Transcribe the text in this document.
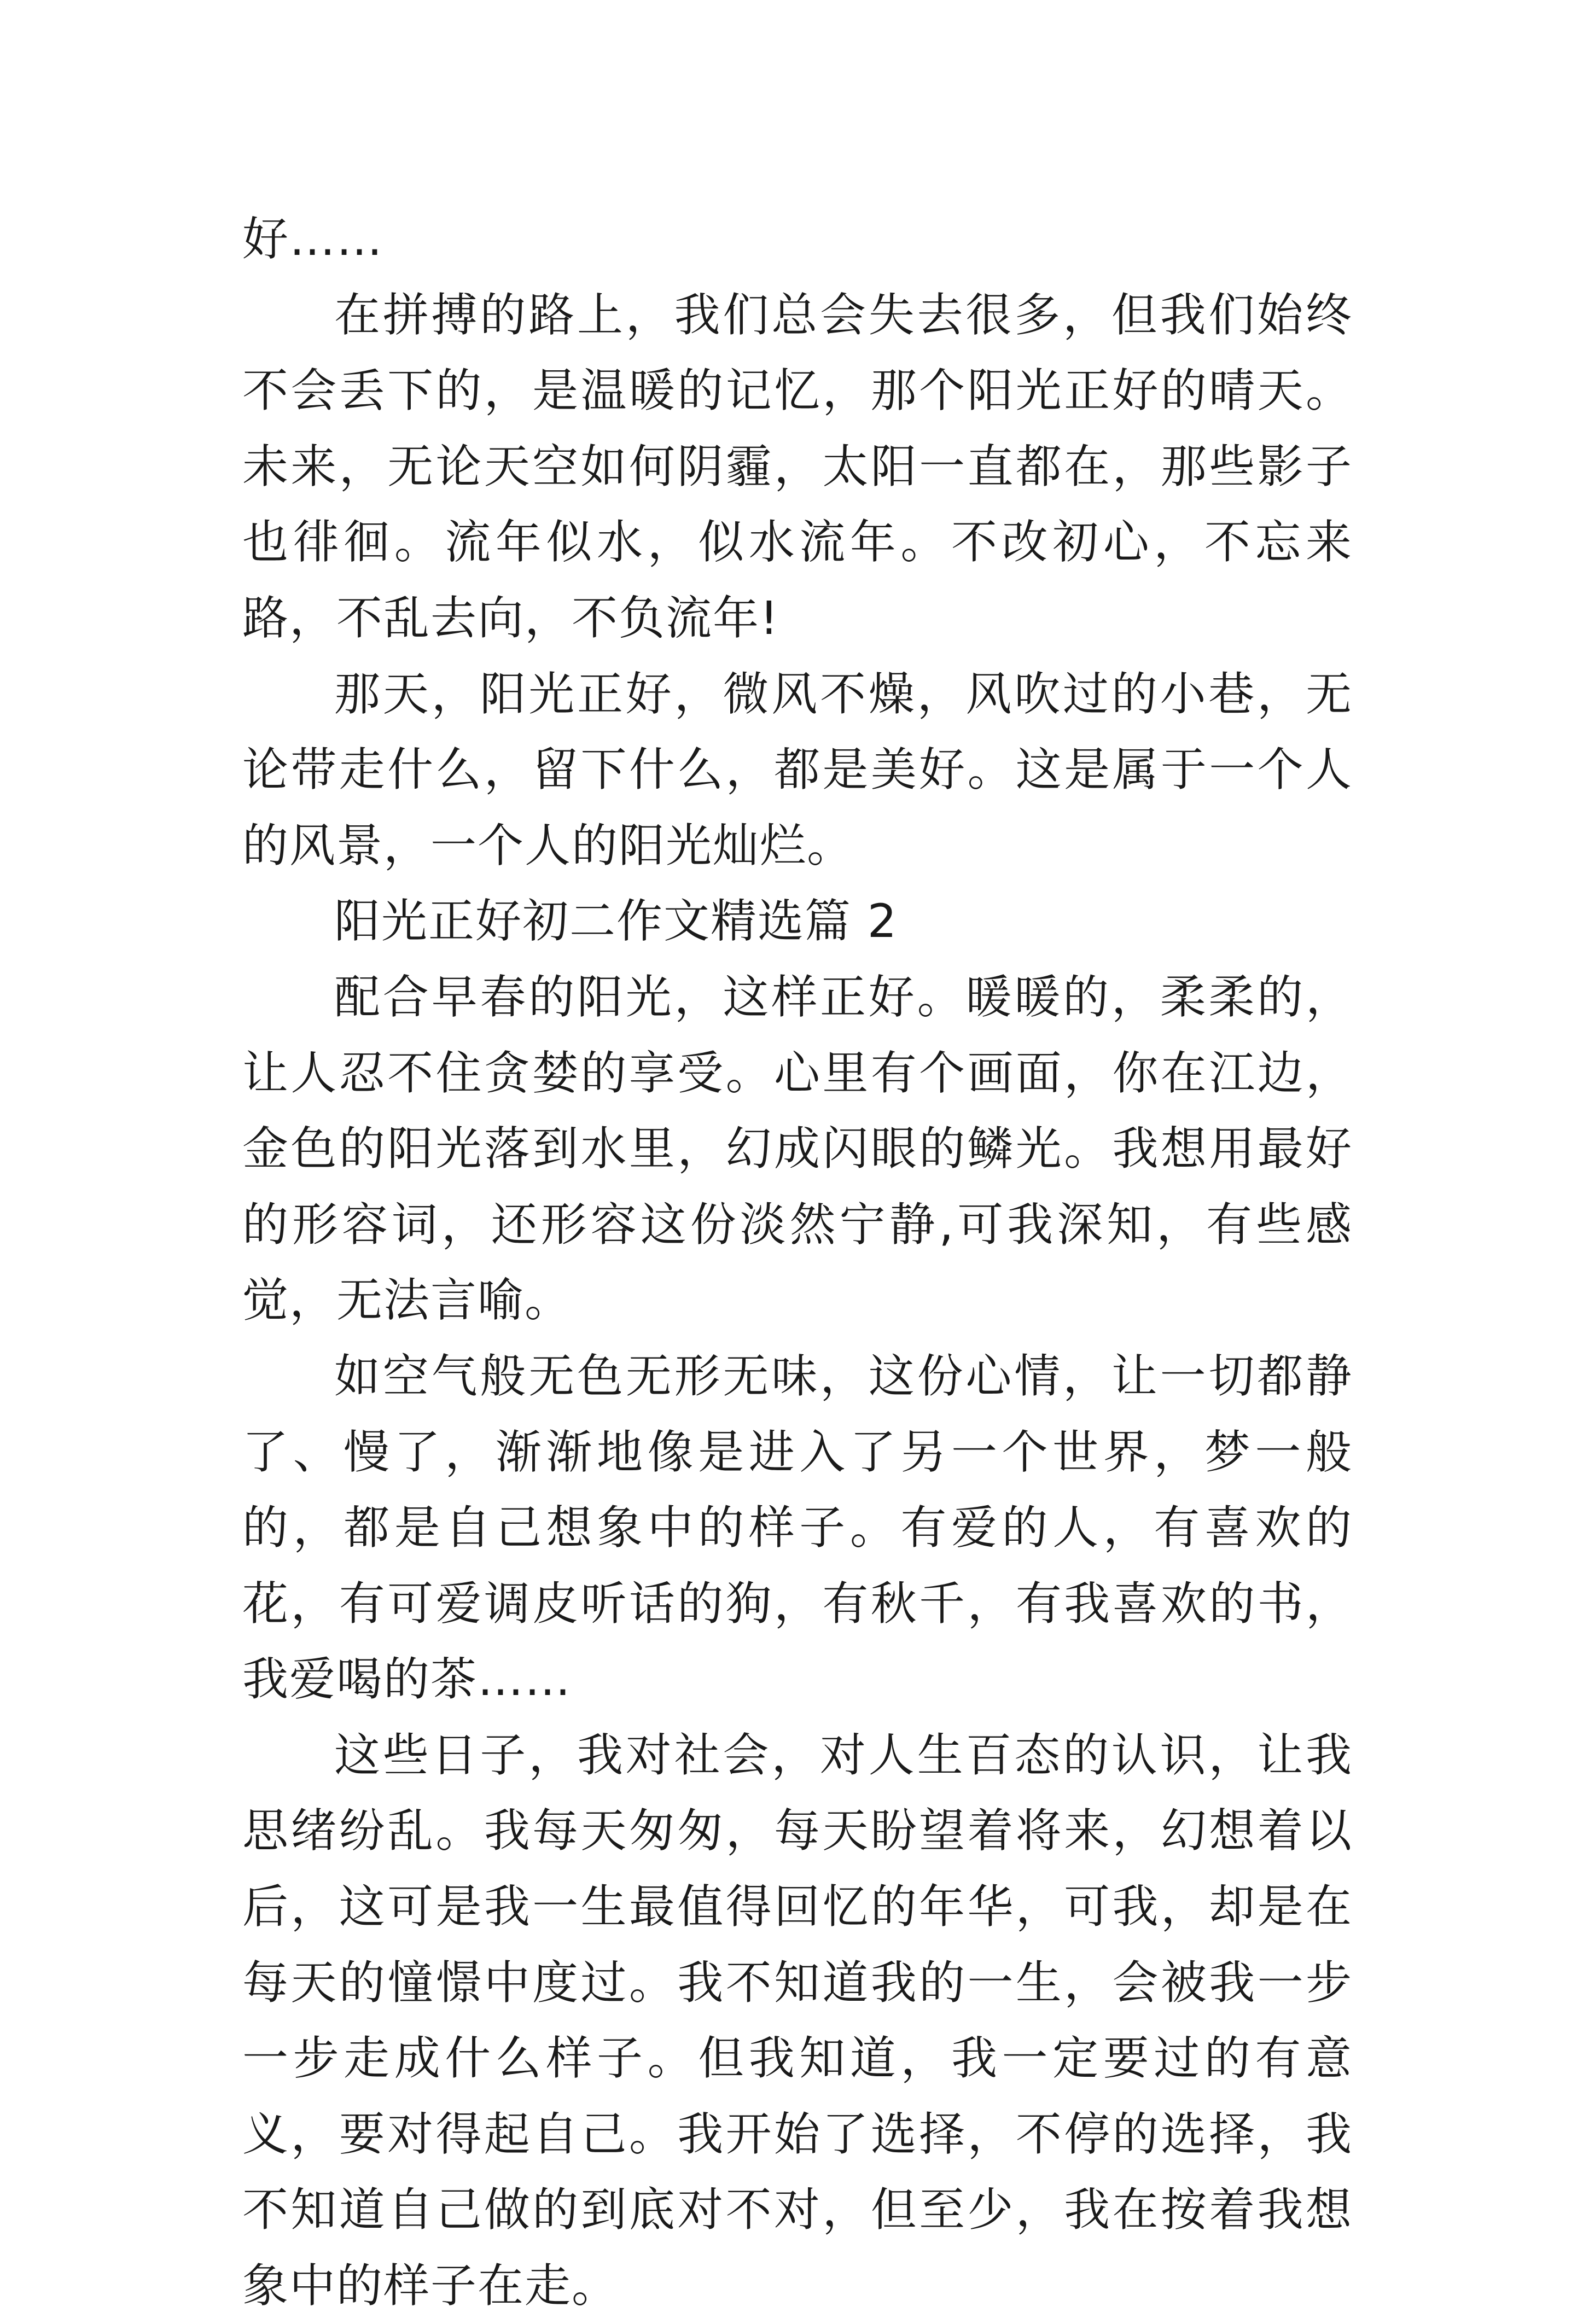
好……

在拼搏的路上，我们总会失去很多，但我们始终不会丢下的，是温暖的记忆，那个阳光正好的晴天。未来，无论天空如何阴霾，太阳一直都在，那些影子也徘徊。流年似水，似水流年。不改初心，不忘来路，不乱去向，不负流年!

那天，阳光正好，微风不燥，风吹过的小巷，无论带走什么，留下什么，都是美好。这是属于一个人的风景，一个人的阳光灿烂。

阳光正好初二作文精选篇 2

配合早春的阳光，这样正好。暖暖的，柔柔的，让人忍不住贪婪的享受。心里有个画面，你在江边，金色的阳光落到水里，幻成闪眼的鳞光。我想用最好的形容词，还形容这份淡然宁静,可我深知，有些感觉，无法言喻。

如空气般无色无形无味，这份心情，让一切都静了、慢了，渐渐地像是进入了另一个世界，梦一般的，都是自己想象中的样子。有爱的人，有喜欢的花，有可爱调皮听话的狗，有秋千，有我喜欢的书，我爱喝的茶……

这些日子，我对社会，对人生百态的认识，让我思绪纷乱。我每天匆匆，每天盼望着将来，幻想着以后，这可是我一生最值得回忆的年华，可我，却是在每天的憧憬中度过。我不知道我的一生，会被我一步一步走成什么样子。但我知道，我一定要过的有意义，要对得起自己。我开始了选择，不停的选择，我不知道自己做的到底对不对，但至少，我在按着我想象中的样子在走。
